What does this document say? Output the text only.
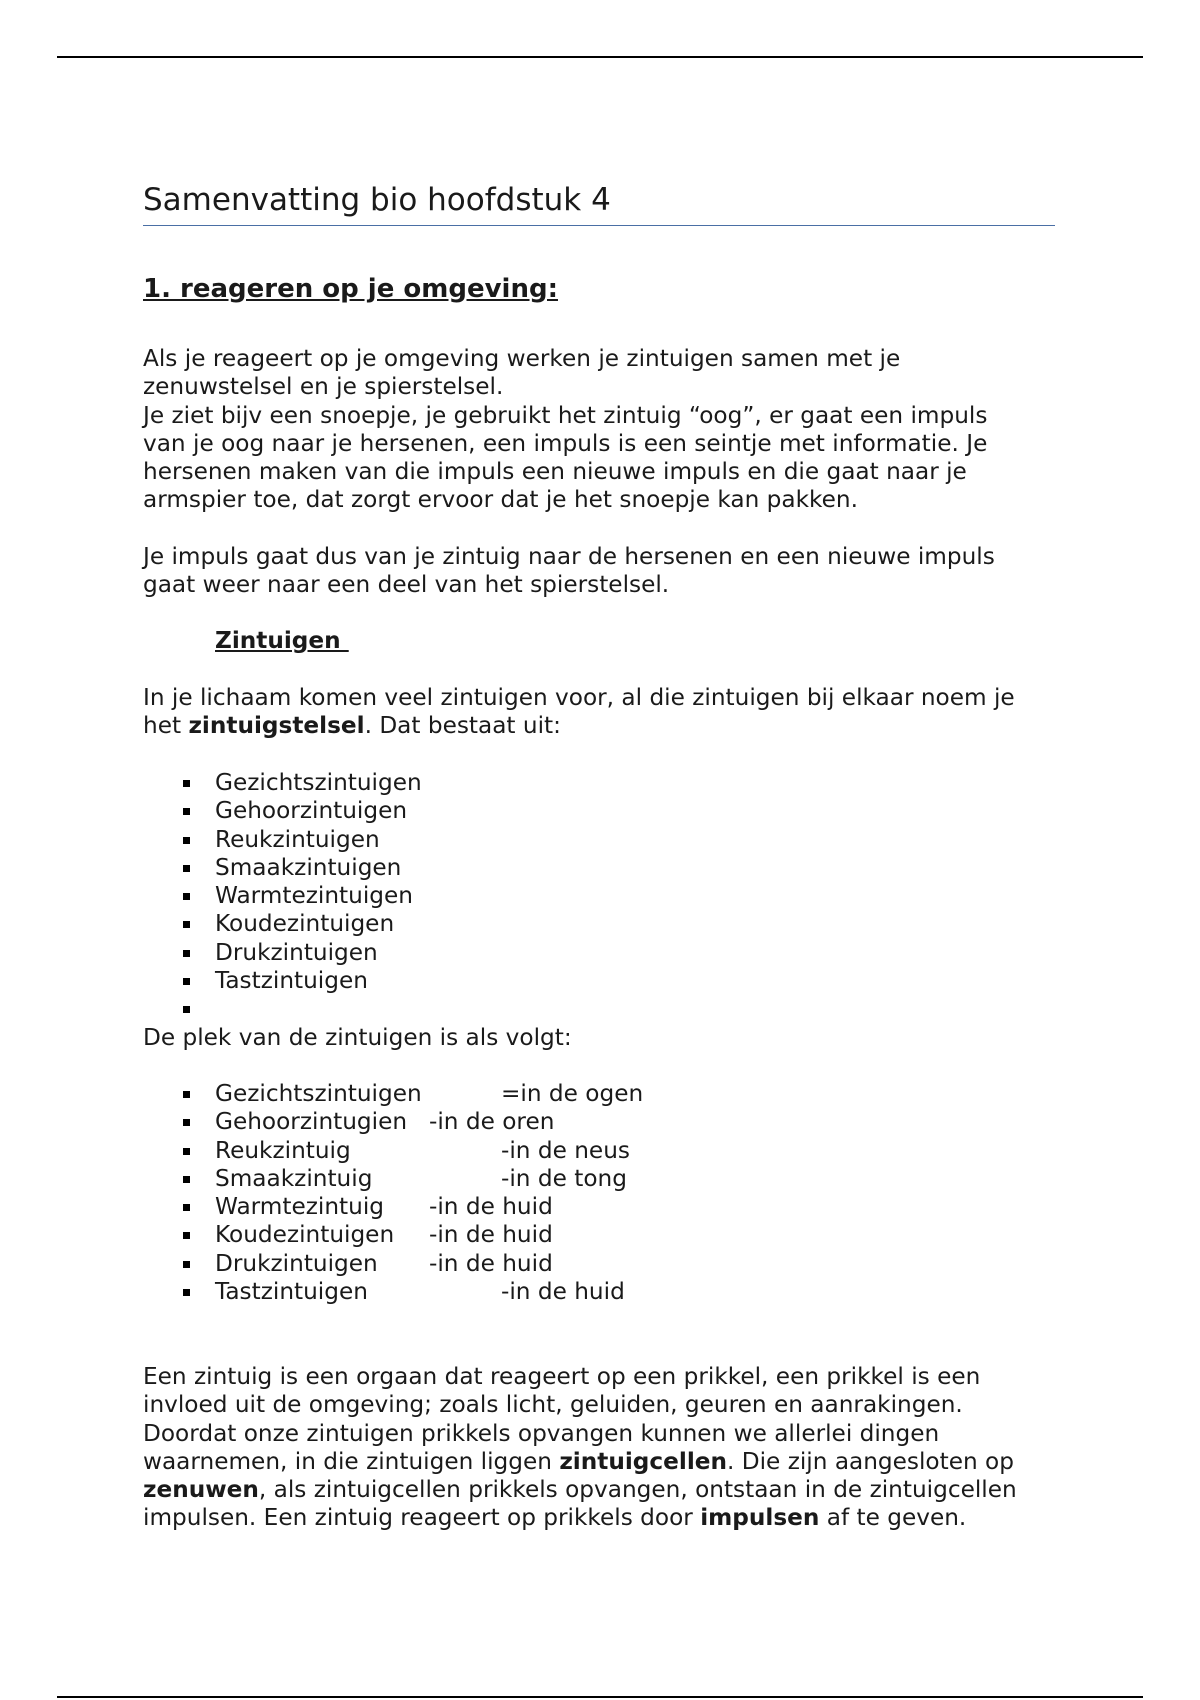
Samenvatting bio hoofdstuk 4
1. reageren op je omgeving:
Als je reageert op je omgeving werken je zintuigen samen met je
zenuwstelsel en je spierstelsel.
Je ziet bijv een snoepje, je gebruikt het zintuig “oog”, er gaat een impuls
van je oog naar je hersenen, een impuls is een seintje met informatie. Je
hersenen maken van die impuls een nieuwe impuls en die gaat naar je
armspier toe, dat zorgt ervoor dat je het snoepje kan pakken.
Je impuls gaat dus van je zintuig naar de hersenen en een nieuwe impuls
gaat weer naar een deel van het spierstelsel.
Zintuigen
In je lichaam komen veel zintuigen voor, al die zintuigen bij elkaar noem je
het zintuigstelsel. Dat bestaat uit:
Gezichtszintuigen
Gehoorzintuigen
Reukzintuigen
Smaakzintuigen
Warmtezintuigen
Koudezintuigen
Drukzintuigen
Tastzintuigen
De plek van de zintuigen is als volgt:
Gezichtszintuigen	=in de ogen
Gehoorzintugien -in de oren
Reukzintuig	-in de neus
Smaakzintuig	-in de tong
Warmtezintuig -in de huid
Koudezintuigen -in de huid
Drukzintuigen -in de huid
Tastzintuigen	-in de huid
Een zintuig is een orgaan dat reageert op een prikkel, een prikkel is een
invloed uit de omgeving; zoals licht, geluiden, geuren en aanrakingen.
Doordat onze zintuigen prikkels opvangen kunnen we allerlei dingen
waarnemen, in die zintuigen liggen zintuigcellen. Die zijn aangesloten op
zenuwen, als zintuigcellen prikkels opvangen, ontstaan in de zintuigcellen
impulsen. Een zintuig reageert op prikkels door impulsen af te geven.
